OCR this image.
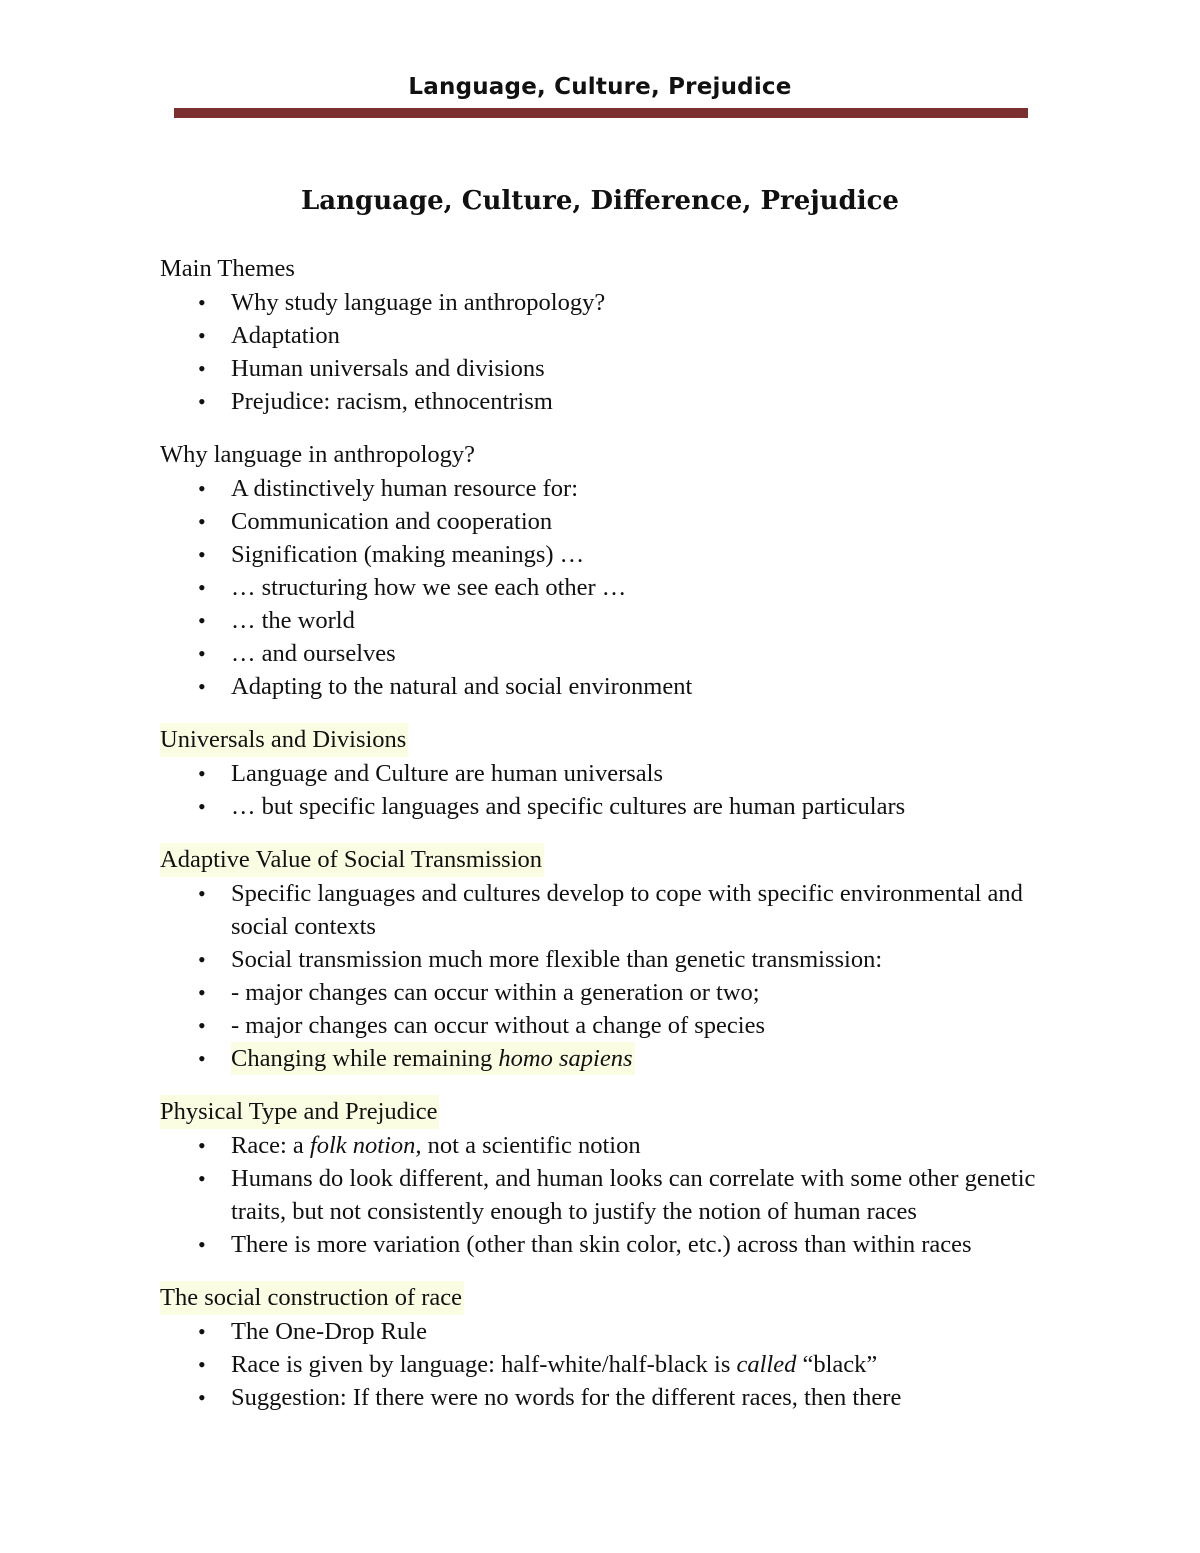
Language, Culture, Prejudice
Language, Culture, Difference, Prejudice
Main Themes
• Why study language in anthropology?
• Adaptation
• Human universals and divisions
• Prejudice: racism, ethnocentrism
Why language in anthropology?
• A distinctively human resource for:
• Communication and cooperation
• Signification (making meanings) …
• … structuring how we see each other …
• … the world
• … and ourselves
• Adapting to the natural and social environment
Universals and Divisions
• Language and Culture are human universals
• … but specific languages and specific cultures are human particulars
Adaptive Value of Social Transmission
• Specific languages and cultures develop to cope with specific environmental and social contexts
• Social transmission much more flexible than genetic transmission:
• - major changes can occur within a generation or two;
• - major changes can occur without a change of species
• Changing while remaining homo sapiens
Physical Type and Prejudice
• Race: a folk notion, not a scientific notion
• Humans do look different, and human looks can correlate with some other genetic traits, but not consistently enough to justify the notion of human races
• There is more variation (other than skin color, etc.) across than within races
The social construction of race
• The One-Drop Rule
• Race is given by language: half-white/half-black is called “black”
• Suggestion: If there were no words for the different races, then there
